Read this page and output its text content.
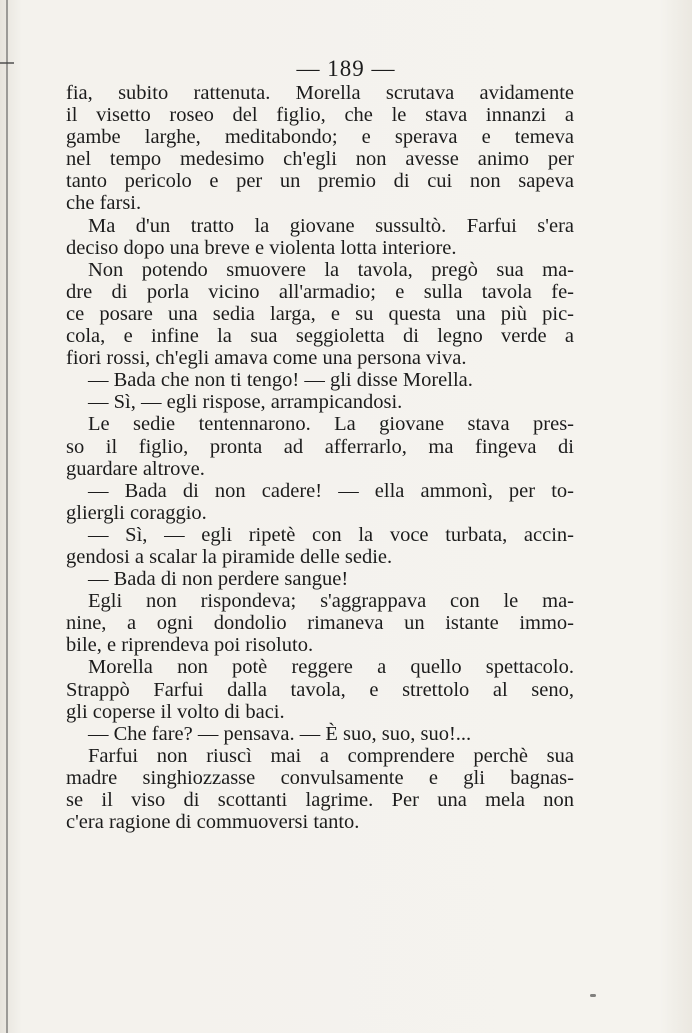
— 189 —
fia, subito rattenuta. Morella scrutava avidamente
il visetto roseo del figlio, che le stava innanzi a
gambe larghe, meditabondo; e sperava e temeva
nel tempo medesimo ch'egli non avesse animo per
tanto pericolo e per un premio di cui non sapeva
che farsi.
Ma d'un tratto la giovane sussultò. Farfui s'era
deciso dopo una breve e violenta lotta interiore.
Non potendo smuovere la tavola, pregò sua ma-
dre di porla vicino all'armadio; e sulla tavola fe-
ce posare una sedia larga, e su questa una più pic-
cola, e infine la sua seggioletta di legno verde a
fiori rossi, ch'egli amava come una persona viva.
— Bada che non ti tengo! — gli disse Morella.
— Sì, — egli rispose, arrampicandosi.
Le sedie tentennarono. La giovane stava pres-
so il figlio, pronta ad afferrarlo, ma fingeva di
guardare altrove.
— Bada di non cadere! — ella ammonì, per to-
gliergli coraggio.
— Sì, — egli ripetè con la voce turbata, accin-
gendosi a scalar la piramide delle sedie.
— Bada di non perdere sangue!
Egli non rispondeva; s'aggrappava con le ma-
nine, a ogni dondolio rimaneva un istante immo-
bile, e riprendeva poi risoluto.
Morella non potè reggere a quello spettacolo.
Strappò Farfui dalla tavola, e strettolo al seno,
gli coperse il volto di baci.
— Che fare? — pensava. — È suo, suo, suo!...
Farfui non riuscì mai a comprendere perchè sua
madre singhiozzasse convulsamente e gli bagnas-
se il viso di scottanti lagrime. Per una mela non
c'era ragione di commuoversi tanto.
